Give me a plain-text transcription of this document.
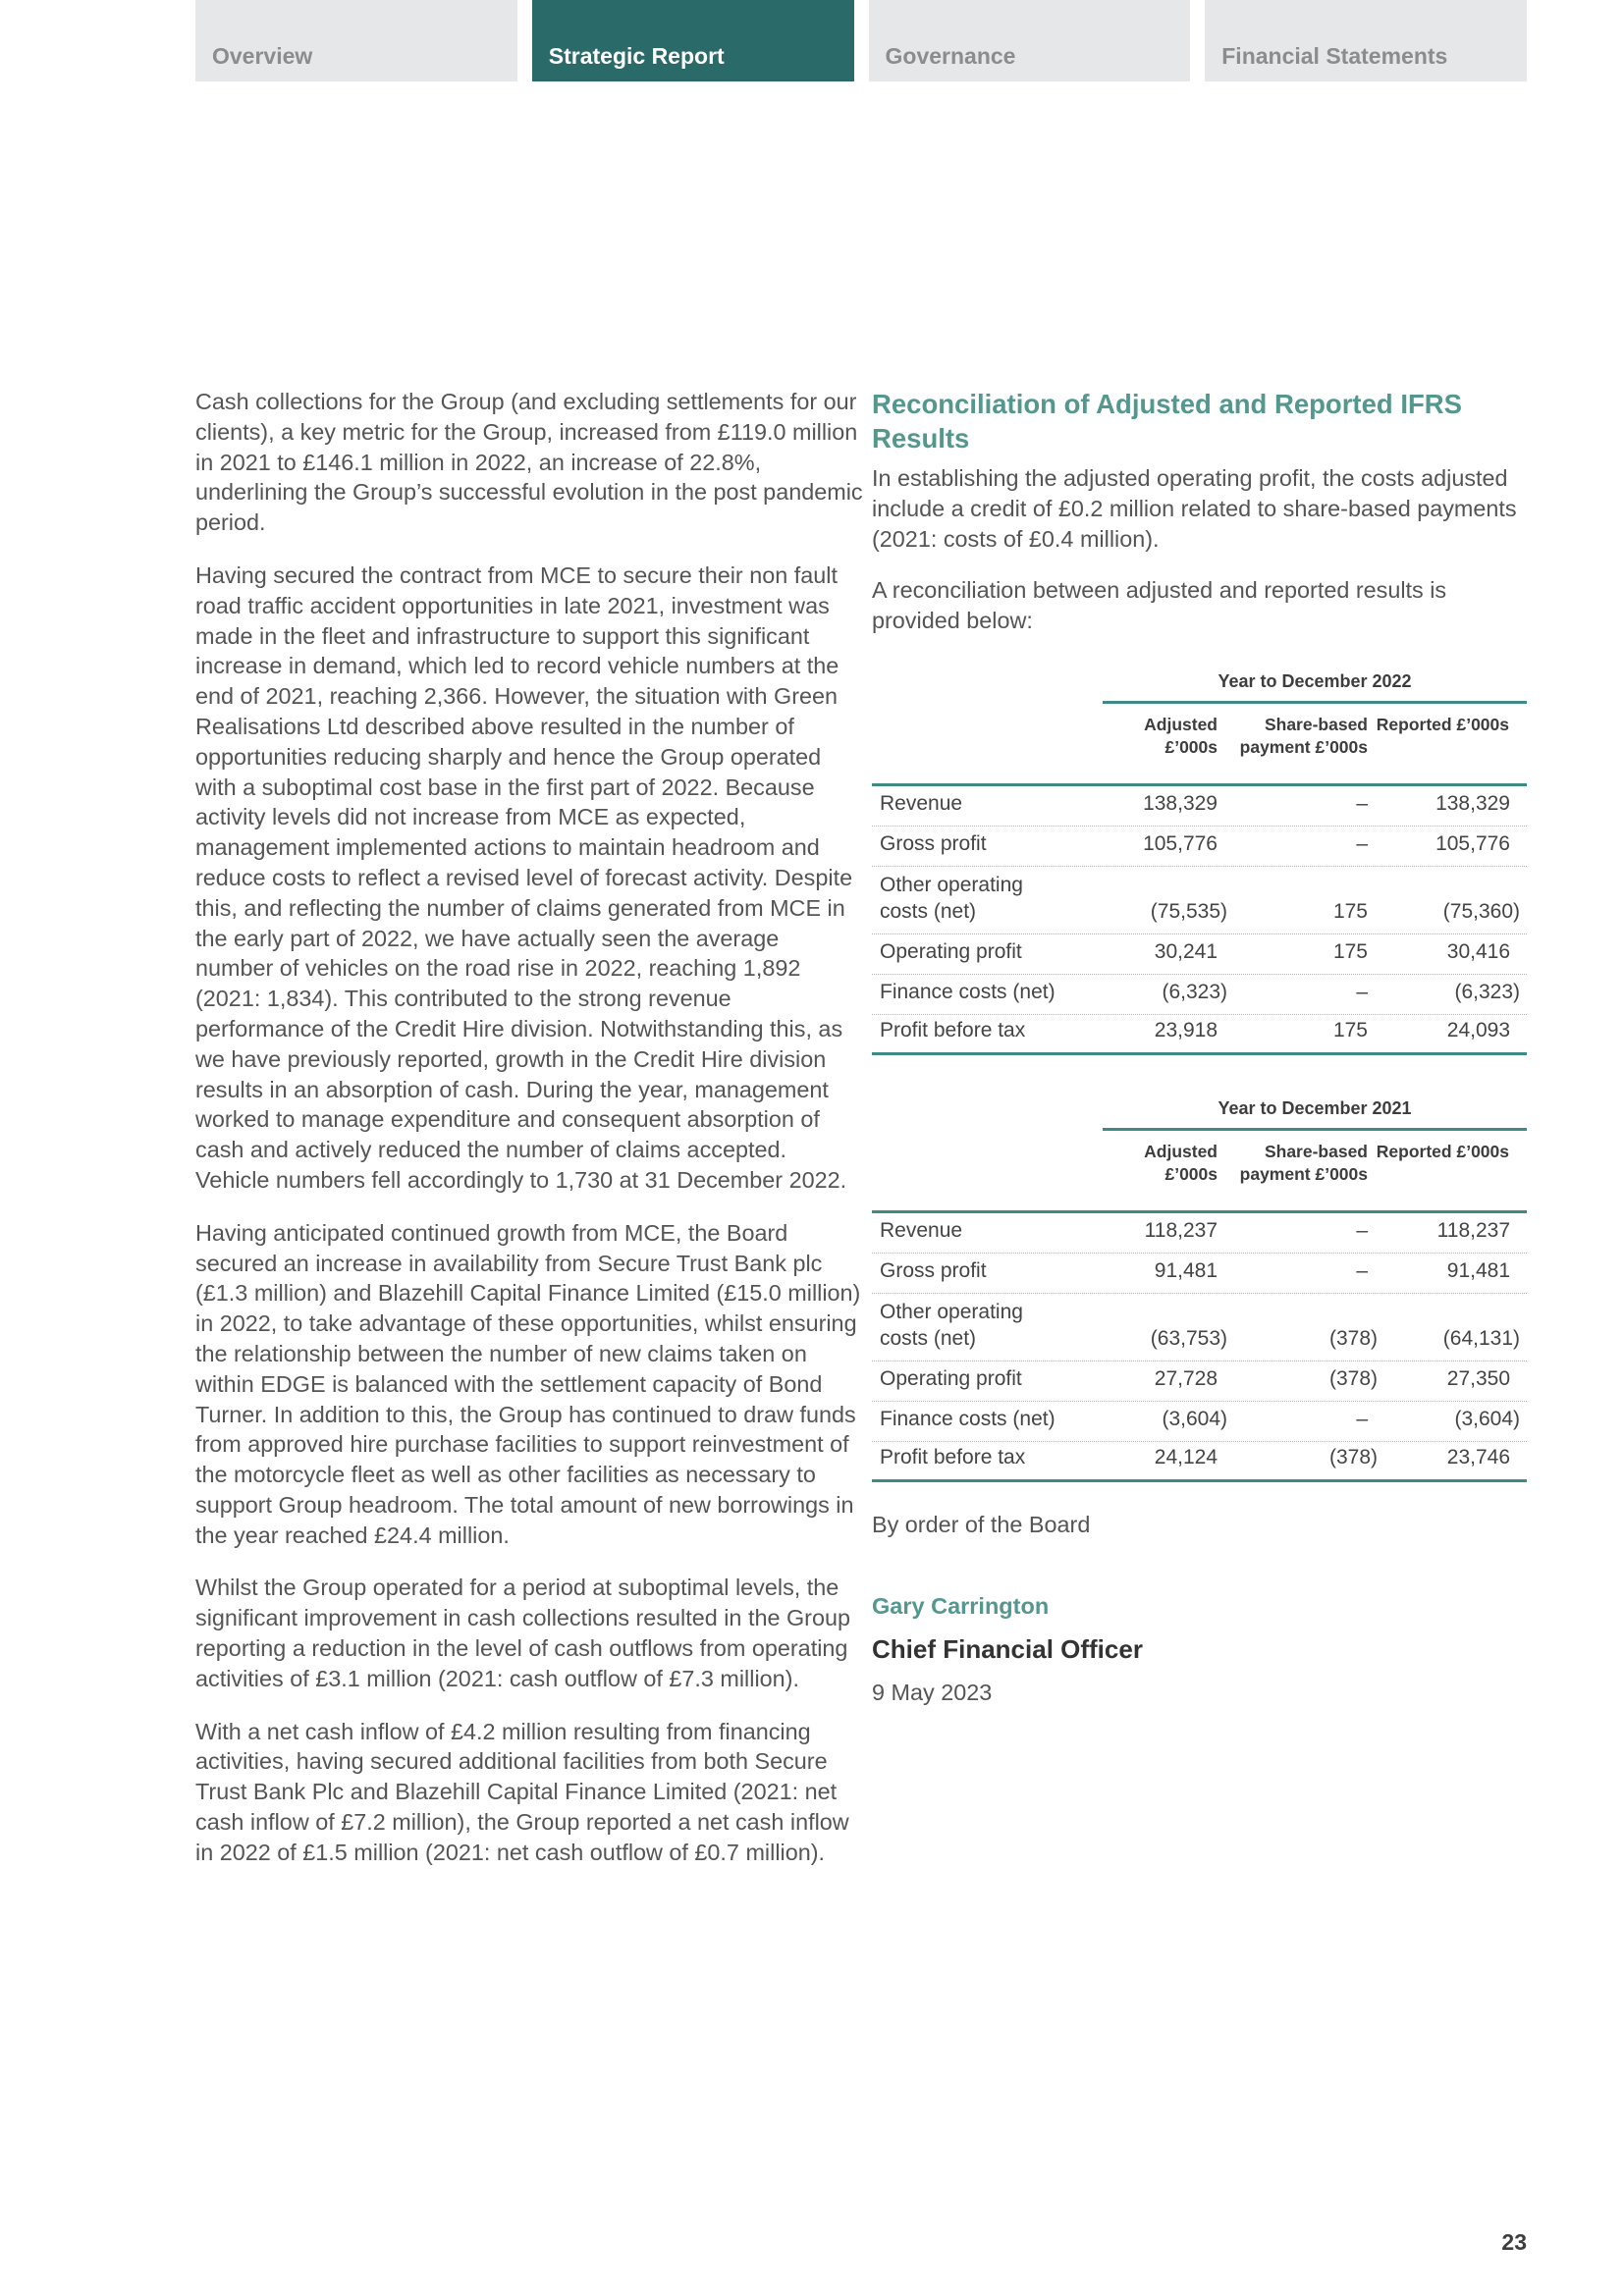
Overview	Strategic Report	Governance	Financial Statements

Cash collections for the Group (and excluding settlements for our clients), a key metric for the Group, increased from £119.0 million in 2021 to £146.1 million in 2022, an increase of 22.8%, underlining the Group’s successful evolution in the post pandemic period.

Having secured the contract from MCE to secure their non fault road traffic accident opportunities in late 2021, investment was made in the fleet and infrastructure to support this significant increase in demand, which led to record vehicle numbers at the end of 2021, reaching 2,366. However, the situation with Green Realisations Ltd described above resulted in the number of opportunities reducing sharply and hence the Group operated with a suboptimal cost base in the first part of 2022. Because activity levels did not increase from MCE as expected, management implemented actions to maintain headroom and reduce costs to reflect a revised level of forecast activity. Despite this, and reflecting the number of claims generated from MCE in the early part of 2022, we have actually seen the average number of vehicles on the road rise in 2022, reaching 1,892 (2021: 1,834). This contributed to the strong revenue performance of the Credit Hire division. Notwithstanding this, as we have previously reported, growth in the Credit Hire division results in an absorption of cash. During the year, management worked to manage expenditure and consequent absorption of cash and actively reduced the number of claims accepted. Vehicle numbers fell accordingly to 1,730 at 31 December 2022.

Having anticipated continued growth from MCE, the Board secured an increase in availability from Secure Trust Bank plc (£1.3 million) and Blazehill Capital Finance Limited (£15.0 million) in 2022, to take advantage of these opportunities, whilst ensuring the relationship between the number of new claims taken on within EDGE is balanced with the settlement capacity of Bond Turner. In addition to this, the Group has continued to draw funds from approved hire purchase facilities to support reinvestment of the motorcycle fleet as well as other facilities as necessary to support Group headroom. The total amount of new borrowings in the year reached £24.4 million.

Whilst the Group operated for a period at suboptimal levels, the significant improvement in cash collections resulted in the Group reporting a reduction in the level of cash outflows from operating activities of £3.1 million (2021: cash outflow of £7.3 million).

With a net cash inflow of £4.2 million resulting from financing activities, having secured additional facilities from both Secure Trust Bank Plc and Blazehill Capital Finance Limited (2021: net cash inflow of £7.2 million), the Group reported a net cash inflow in 2022 of £1.5 million (2021: net cash outflow of £0.7 million).

Reconciliation of Adjusted and Reported IFRS Results

In establishing the adjusted operating profit, the costs adjusted include a credit of £0.2 million related to share-based payments (2021: costs of £0.4 million).

A reconciliation between adjusted and reported results is provided below:

Year to December 2022
Adjusted £’000s
Share-based payment £’000s
Reported £’000s
Revenue	138,329	–	138,329
Gross profit	105,776	–	105,776
Other operating costs (net)	(75,535)	175	(75,360)
Operating profit	30,241	175	30,416
Finance costs (net)	(6,323)	–	(6,323)
Profit before tax	23,918	175	24,093
Year to December 2021
Adjusted £’000s
Share-based payment £’000s
Reported £’000s
Revenue	118,237	–	118,237
Gross profit	91,481	–	91,481
Other operating costs (net)	(63,753)	(378)	(64,131)
Operating profit	27,728	(378)	27,350
Finance costs (net)	(3,604)	–	(3,604)
Profit before tax	24,124	(378)	23,746
By order of the Board
Gary Carrington
Chief Financial Officer
9 May 2023
23
